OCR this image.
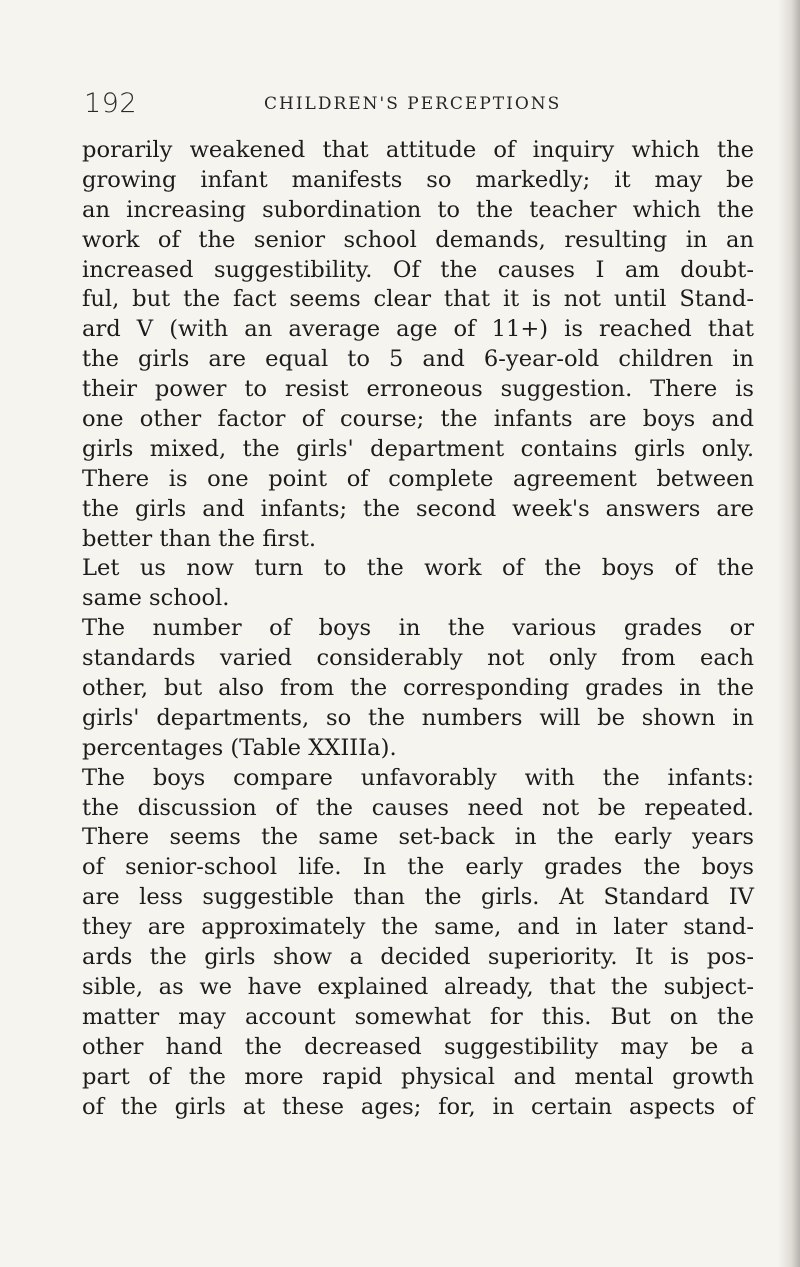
192	CHILDREN'S PERCEPTIONS
porarily weakened that attitude of inquiry which the
growing infant manifests so markedly; it may be
an increasing subordination to the teacher which the
work of the senior school demands, resulting in an
increased suggestibility. Of the causes I am doubt-
ful, but the fact seems clear that it is not until Stand-
ard V (with an average age of 11+) is reached that
the girls are equal to 5 and 6-year-old children in
their power to resist erroneous suggestion. There is
one other factor of course; the infants are boys and
girls mixed, the girls' department contains girls only.
There is one point of complete agreement between
the girls and infants; the second week's answers are
better than the first.
Let us now turn to the work of the boys of the
same school.
The number of boys in the various grades or
standards varied considerably not only from each
other, but also from the corresponding grades in the
girls' departments, so the numbers will be shown in
percentages (Table XXIIIa).
The boys compare unfavorably with the infants:
the discussion of the causes need not be repeated.
There seems the same set-back in the early years
of senior-school life. In the early grades the boys
are less suggestible than the girls. At Standard IV
they are approximately the same, and in later stand-
ards the girls show a decided superiority. It is pos-
sible, as we have explained already, that the subject-
matter may account somewhat for this. But on the
other hand the decreased suggestibility may be a
part of the more rapid physical and mental growth
of the girls at these ages; for, in certain aspects of
